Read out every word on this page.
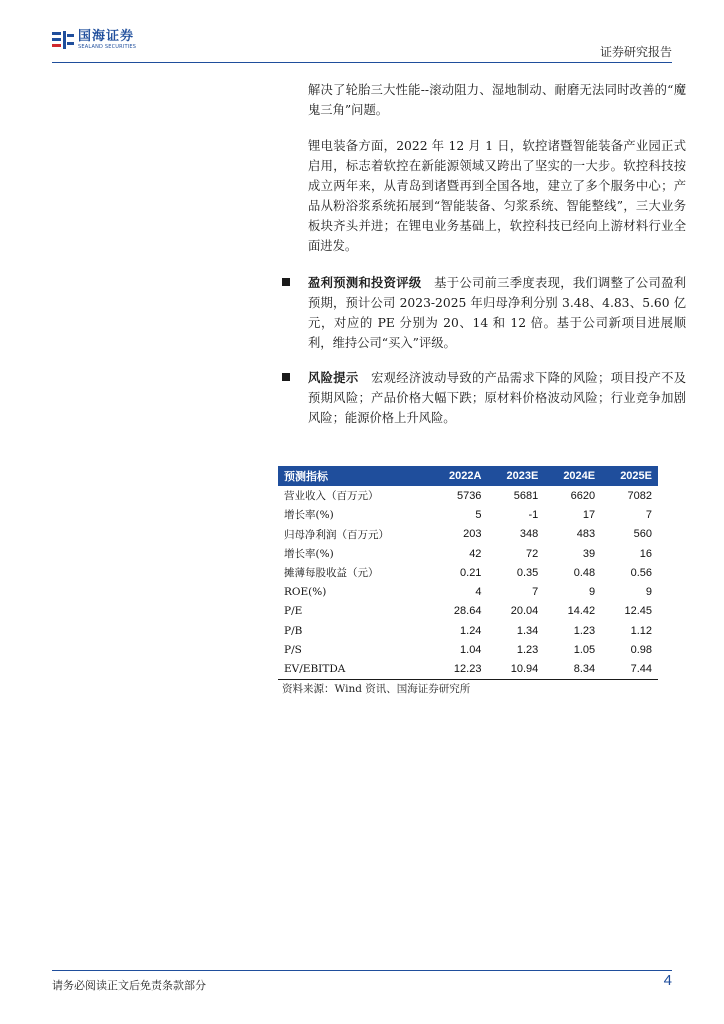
国海证券
SEALAND SECURITIES	证券研究报告
解决了轮胎三大性能--滚动阻力、湿地制动、耐磨无法同时改善的“魔鬼三角”问题。
锂电装备方面，2022 年 12 月 1 日，软控诸暨智能装备产业园正式启用，标志着软控在新能源领域又跨出了坚实的一大步。软控科技按成立两年来，从青岛到诸暨再到全国各地，建立了多个服务中心；产品从粉浴浆系统拓展到“智能装备、匀浆系统、智能整线”，三大业务板块齐头并进；在锂电业务基础上，软控科技已经向上游材料行业全面进发。
盈利预测和投资评级　基于公司前三季度表现，我们调整了公司盈利预期，预计公司 2023-2025 年归母净利分别 3.48、4.83、5.60 亿元，对应的 PE 分别为 20、14 和 12 倍。基于公司新项目进展顺利，维持公司“买入”评级。
风险提示　宏观经济波动导致的产品需求下降的风险；项目投产不及预期风险；产品价格大幅下跌；原材料价格波动风险；行业竞争加剧风险；能源价格上升风险。
预测指标	2022A	2023E	2024E	2025E
营业收入（百万元）	5736	5681	6620	7082
增长率(%)	5	-1	17	7
归母净利润（百万元）	203	348	483	560
增长率(%)	42	72	39	16
摊薄每股收益（元）	0.21	0.35	0.48	0.56
ROE(%)	4	7	9	9
P/E	28.64	20.04	14.42	12.45
P/B	1.24	1.34	1.23	1.12
P/S	1.04	1.23	1.05	0.98
EV/EBITDA	12.23	10.94	8.34	7.44
资料来源：Wind 资讯、国海证券研究所
请务必阅读正文后免责条款部分	4
